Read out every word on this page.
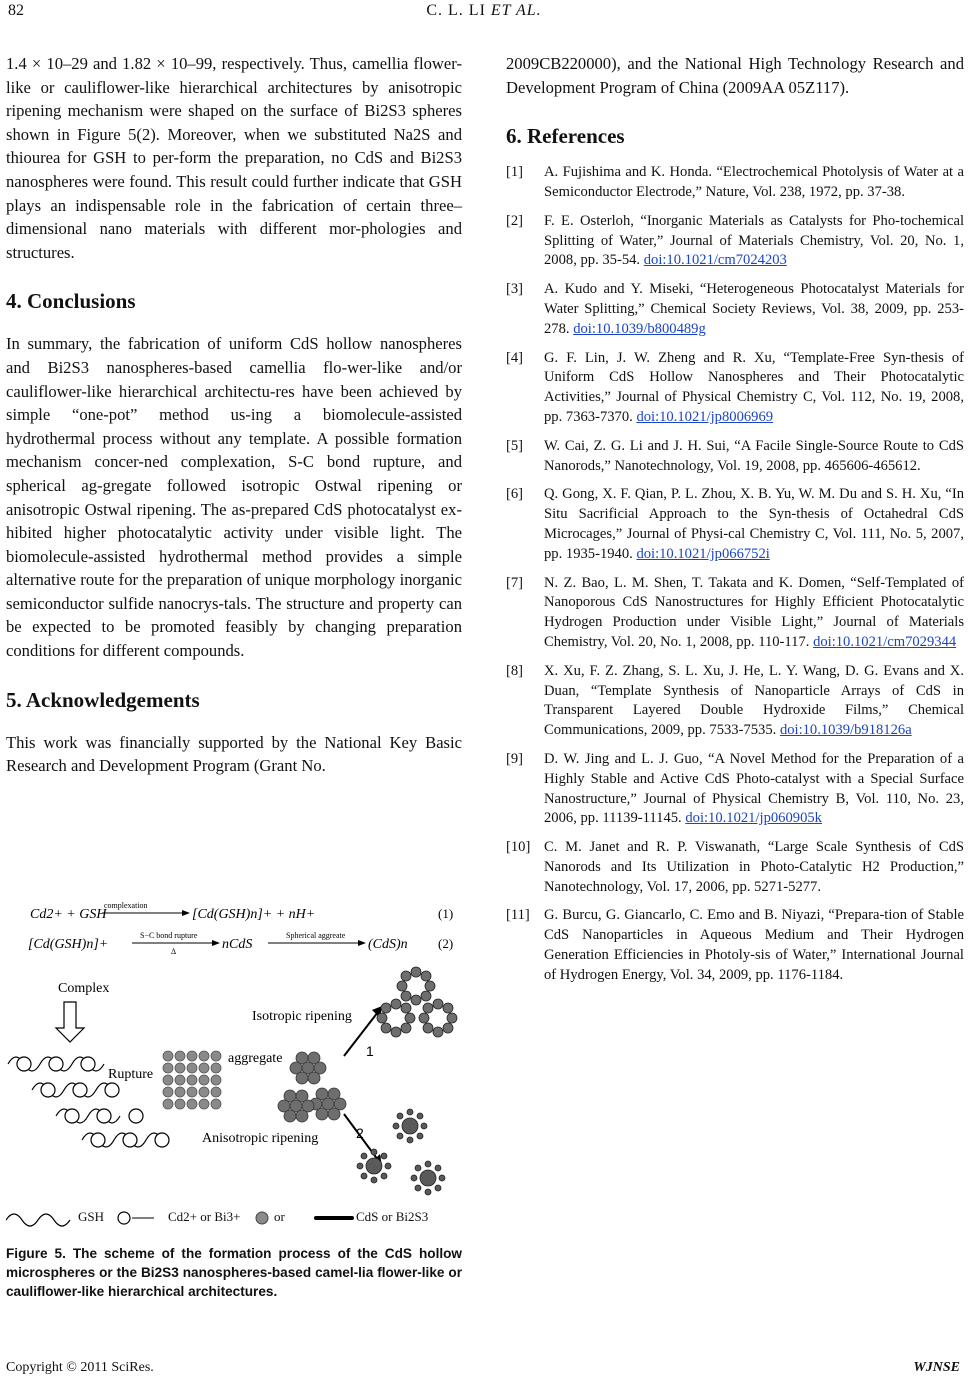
82	C. L. LI ET AL.

1.4 × 10–29 and 1.82 × 10–99, respectively. Thus, camellia flower-like or cauliflower-like hierarchical architectures by anisotropic ripening mechanism were shaped on the surface of Bi2S3 spheres shown in Figure 5(2). Moreover, when we substituted Na2S and thiourea for GSH to per-form the preparation, no CdS and Bi2S3 nanospheres were found. This result could further indicate that GSH plays an indispensable role in the fabrication of certain three–dimensional nano materials with different mor-phologies and structures.

4. Conclusions

In summary, the fabrication of uniform CdS hollow nanospheres and Bi2S3 nanospheres-based camellia flo-wer-like and/or cauliflower-like hierarchical architectu-res have been achieved by simple “one-pot” method us-ing a biomolecule-assisted hydrothermal process without any template. A possible formation mechanism concer-ned complexation, S-C bond rupture, and spherical ag-gregate followed isotropic Ostwal ripening or anisotropic Ostwal ripening. The as-prepared CdS photocatalyst ex-hibited higher photocatalytic activity under visible light. The biomolecule-assisted hydrothermal method provides a simple alternative route for the preparation of unique morphology inorganic semiconductor sulfide nanocrys-tals. The structure and property can be expected to be promoted feasibly by changing preparation conditions for different compounds.

5. Acknowledgements

This work was financially supported by the National Key Basic Research and Development Program (Grant No.

Cd2+ + GSH
complexation
[Cd(GSH)n]+ + nH+	(1)
[Cd(GSH)n]+
S−C bond rupture
Δ	nCdS
Spherical aggreate
(CdS)n (2)
Complex
Rupture
aggregate	1
2
Isotropic ripening
Anisotropic ripening
GSH	Cd2+ or Bi3+	or	CdS or Bi2S3
Figure 5. The scheme of the formation process of the CdS hollow microspheres or the Bi2S3 nanospheres-based camel-lia flower-like or cauliflower-like hierarchical architectures.

2009CB220000), and the National High Technology Research and Development Program of China (2009AA 05Z117).

6. References
[1]	A. Fujishima and K. Honda. “Electrochemical Photolysis of Water at a Semiconductor Electrode,” Nature, Vol. 238, 1972, pp. 37-38.
[2]	F. E. Osterloh, “Inorganic Materials as Catalysts for Pho-tochemical Splitting of Water,” Journal of Materials Chemistry, Vol. 20, No. 1, 2008, pp. 35-54. doi:10.1021/cm7024203
[3]	A. Kudo and Y. Miseki, “Heterogeneous Photocatalyst Materials for Water Splitting,” Chemical Society Reviews, Vol. 38, 2009, pp. 253-278. doi:10.1039/b800489g
[4]	G. F. Lin, J. W. Zheng and R. Xu, “Template-Free Syn-thesis of Uniform CdS Hollow Nanospheres and Their Photocatalytic Activities,” Journal of Physical Chemistry C, Vol. 112, No. 19, 2008, pp. 7363-7370. doi:10.1021/jp8006969
[5]	W. Cai, Z. G. Li and J. H. Sui, “A Facile Single-Source Route to CdS Nanorods,” Nanotechnology, Vol. 19, 2008, pp. 465606-465612.
[6]	Q. Gong, X. F. Qian, P. L. Zhou, X. B. Yu, W. M. Du and S. H. Xu, “In Situ Sacrificial Approach to the Syn-thesis of Octahedral CdS Microcages,” Journal of Physi-cal Chemistry C, Vol. 111, No. 5, 2007, pp. 1935-1940. doi:10.1021/jp066752i
[7]	N. Z. Bao, L. M. Shen, T. Takata and K. Domen, “Self-Templated of Nanoporous CdS Nanostructures for Highly Efficient Photocatalytic Hydrogen Production under Visible Light,” Journal of Materials Chemistry, Vol. 20, No. 1, 2008, pp. 110-117. doi:10.1021/cm7029344
[8]	X. Xu, F. Z. Zhang, S. L. Xu, J. He, L. Y. Wang, D. G. Evans and X. Duan, “Template Synthesis of Nanoparticle Arrays of CdS in Transparent Layered Double Hydroxide Films,” Chemical Communications, 2009, pp. 7533-7535. doi:10.1039/b918126a
[9]	D. W. Jing and L. J. Guo, “A Novel Method for the Preparation of a Highly Stable and Active CdS Photo-catalyst with a Special Surface Nanostructure,” Journal of Physical Chemistry B, Vol. 110, No. 23, 2006, pp. 11139-11145. doi:10.1021/jp060905k
[10] C. M. Janet and R. P. Viswanath, “Large Scale Synthesis of CdS Nanorods and Its Utilization in Photo-Catalytic H2 Production,” Nanotechnology, Vol. 17, 2006, pp. 5271-5277.
[11] G. Burcu, G. Giancarlo, C. Emo and B. Niyazi, “Prepara-tion of Stable CdS Nanoparticles in Aqueous Medium and Their Hydrogen Generation Efficiencies in Photoly-sis of Water,” International Journal of Hydrogen Energy, Vol. 34, 2009, pp. 1176-1184.
Copyright © 2011 SciRes.	WJNSE
